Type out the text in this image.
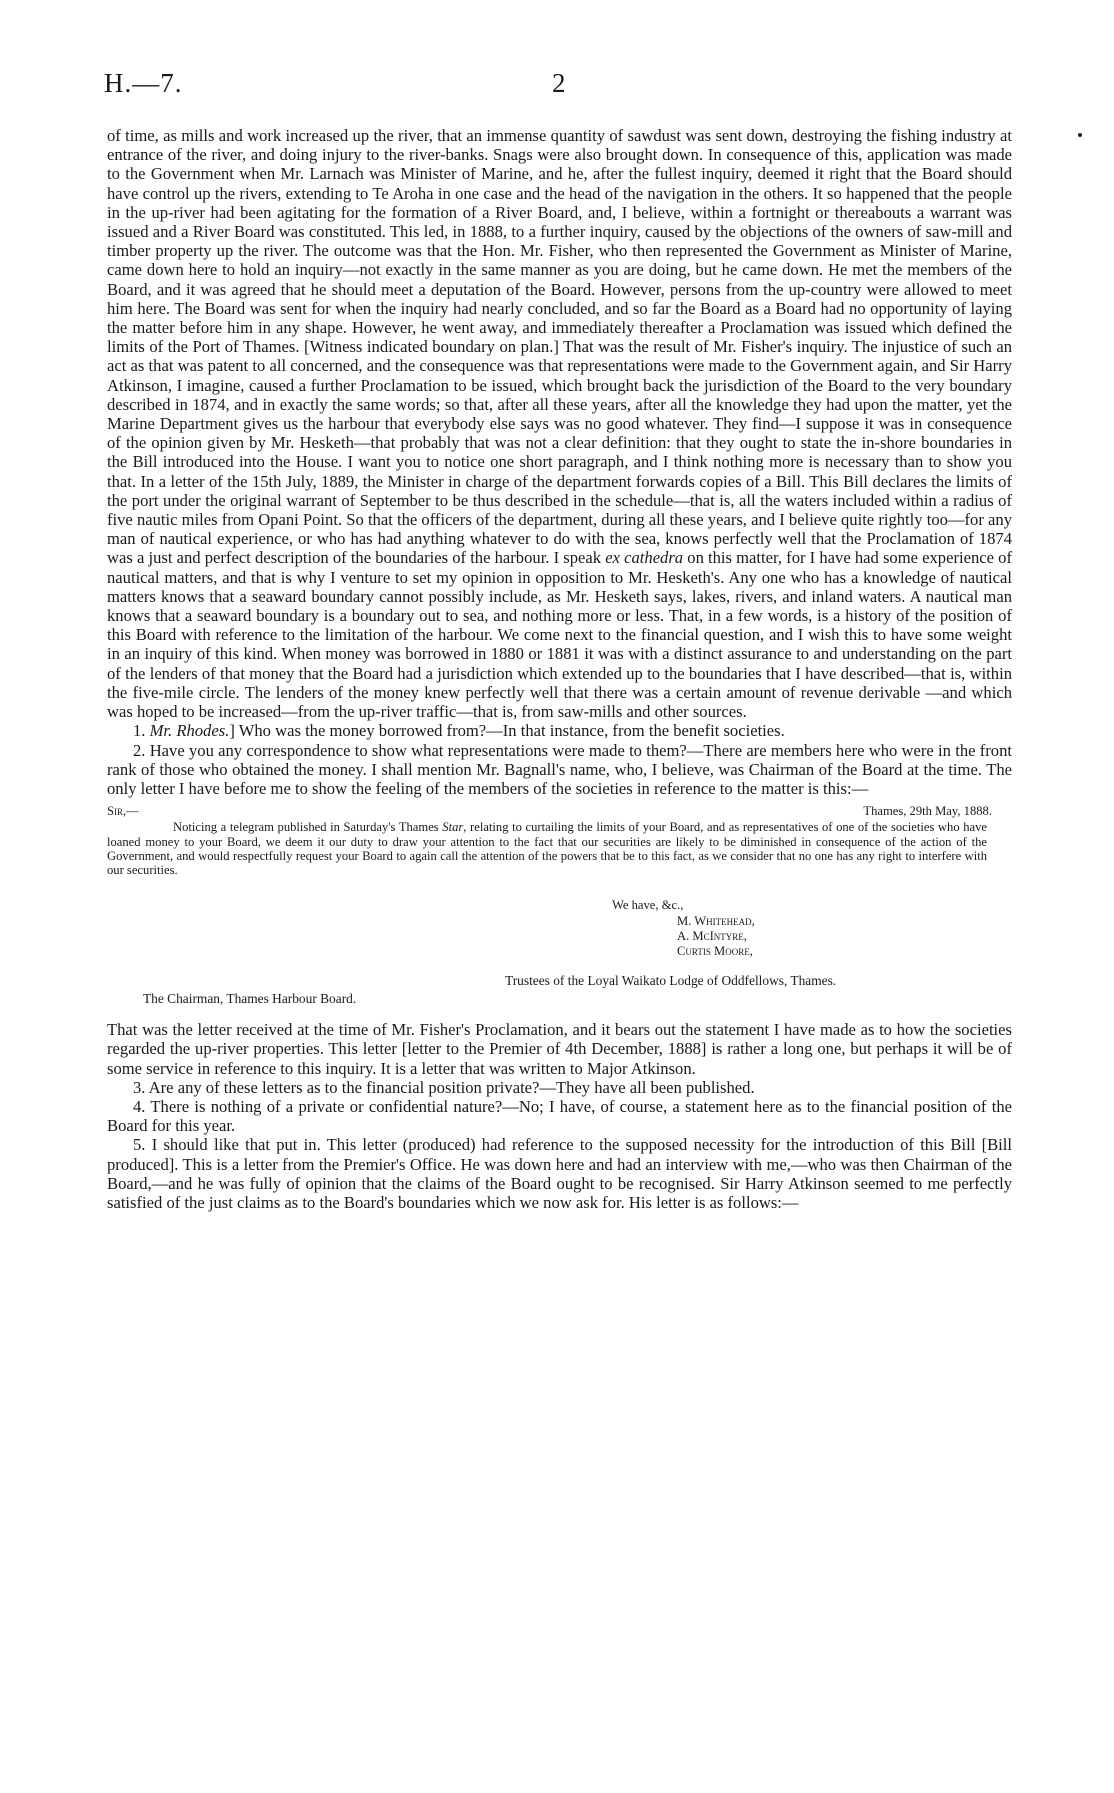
H.—7.	2

of time, as mills and work increased up the river, that an immense quantity of sawdust was sent down, destroying the fishing industry at entrance of the river, and doing injury to the river-banks. Snags were also brought down. In consequence of this, application was made to the Government when Mr. Larnach was Minister of Marine, and he, after the fullest inquiry, deemed it right that the Board should have control up the rivers, extending to Te Aroha in one case and the head of the navigation in the others. It so happened that the people in the up-river had been agitating for the formation of a River Board, and, I believe, within a fortnight or thereabouts a warrant was issued and a River Board was constituted. This led, in 1888, to a further inquiry, caused by the objections of the owners of saw-mill and timber property up the river. The outcome was that the Hon. Mr. Fisher, who then represented the Government as Minister of Marine, came down here to hold an inquiry—not exactly in the same manner as you are doing, but he came down. He met the members of the Board, and it was agreed that he should meet a deputation of the Board. However, persons from the up-country were allowed to meet him here. The Board was sent for when the inquiry had nearly concluded, and so far the Board as a Board had no opportunity of laying the matter before him in any shape. However, he went away, and immediately thereafter a Proclamation was issued which defined the limits of the Port of Thames. [Witness indicated boundary on plan.] That was the result of Mr. Fisher's inquiry. The injustice of such an act as that was patent to all concerned, and the consequence was that representations were made to the Government again, and Sir Harry Atkinson, I imagine, caused a further Proclamation to be issued, which brought back the jurisdiction of the Board to the very boundary described in 1874, and in exactly the same words; so that, after all these years, after all the knowledge they had upon the matter, yet the Marine Department gives us the harbour that everybody else says was no good whatever. They find—I suppose it was in consequence of the opinion given by Mr. Hesketh—that probably that was not a clear definition: that they ought to state the in-shore boundaries in the Bill introduced into the House. I want you to notice one short paragraph, and I think nothing more is necessary than to show you that. In a letter of the 15th July, 1889, the Minister in charge of the department forwards copies of a Bill. This Bill declares the limits of the port under the original warrant of September to be thus described in the schedule—that is, all the waters included within a radius of five nautic miles from Opani Point. So that the officers of the department, during all these years, and I believe quite rightly too—for any man of nautical experience, or who has had anything whatever to do with the sea, knows perfectly well that the Proclamation of 1874 was a just and perfect description of the boundaries of the harbour. I speak ex cathedra on this matter, for I have had some experience of nautical matters, and that is why I venture to set my opinion in opposition to Mr. Hesketh's. Any one who has a knowledge of nautical matters knows that a seaward boundary cannot possibly include, as Mr. Hesketh says, lakes, rivers, and inland waters. A nautical man knows that a seaward boundary is a boundary out to sea, and nothing more or less. That, in a few words, is a history of the position of this Board with reference to the limitation of the harbour. We come next to the financial question, and I wish this to have some weight in an inquiry of this kind. When money was borrowed in 1880 or 1881 it was with a distinct assurance to and understanding on the part of the lenders of that money that the Board had a jurisdiction which extended up to the boundaries that I have described—that is, within the five-mile circle. The lenders of the money knew perfectly well that there was a certain amount of revenue derivable —and which was hoped to be increased—from the up-river traffic—that is, from saw-mills and other sources.

1. Mr. Rhodes.] Who was the money borrowed from?—In that instance, from the benefit societies.

2. Have you any correspondence to show what representations were made to them?—There are members here who were in the front rank of those who obtained the money. I shall mention Mr. Bagnall's name, who, I believe, was Chairman of the Board at the time. The only letter I have before me to show the feeling of the members of the societies in reference to the matter is this:—

Sir,—	Thames, 29th May, 1888.
Noticing a telegram published in Saturday's Thames Star, relating to curtailing the limits of your Board, and as representatives of one of the societies who have loaned money to your Board, we deem it our duty to draw your attention to the fact that our securities are likely to be diminished in consequence of the action of the Government, and would respectfully request your Board to again call the attention of the powers that be to this fact, as we consider that no one has any right to interfere with our securities.
We have, &c.,
M. Whitehead,
A. McIntyre,
Curtis Moore,
Trustees of the Loyal Waikato Lodge of Oddfellows, Thames.
The Chairman, Thames Harbour Board.

That was the letter received at the time of Mr. Fisher's Proclamation, and it bears out the statement I have made as to how the societies regarded the up-river properties. This letter [letter to the Premier of 4th December, 1888] is rather a long one, but perhaps it will be of some service in reference to this inquiry. It is a letter that was written to Major Atkinson.

3. Are any of these letters as to the financial position private?—They have all been published.

4. There is nothing of a private or confidential nature?—No; I have, of course, a statement here as to the financial position of the Board for this year.

5. I should like that put in. This letter (produced) had reference to the supposed necessity for the introduction of this Bill [Bill produced]. This is a letter from the Premier's Office. He was down here and had an interview with me,—who was then Chairman of the Board,—and he was fully of opinion that the claims of the Board ought to be recognised. Sir Harry Atkinson seemed to me perfectly satisfied of the just claims as to the Board's boundaries which we now ask for. His letter is as follows:—
